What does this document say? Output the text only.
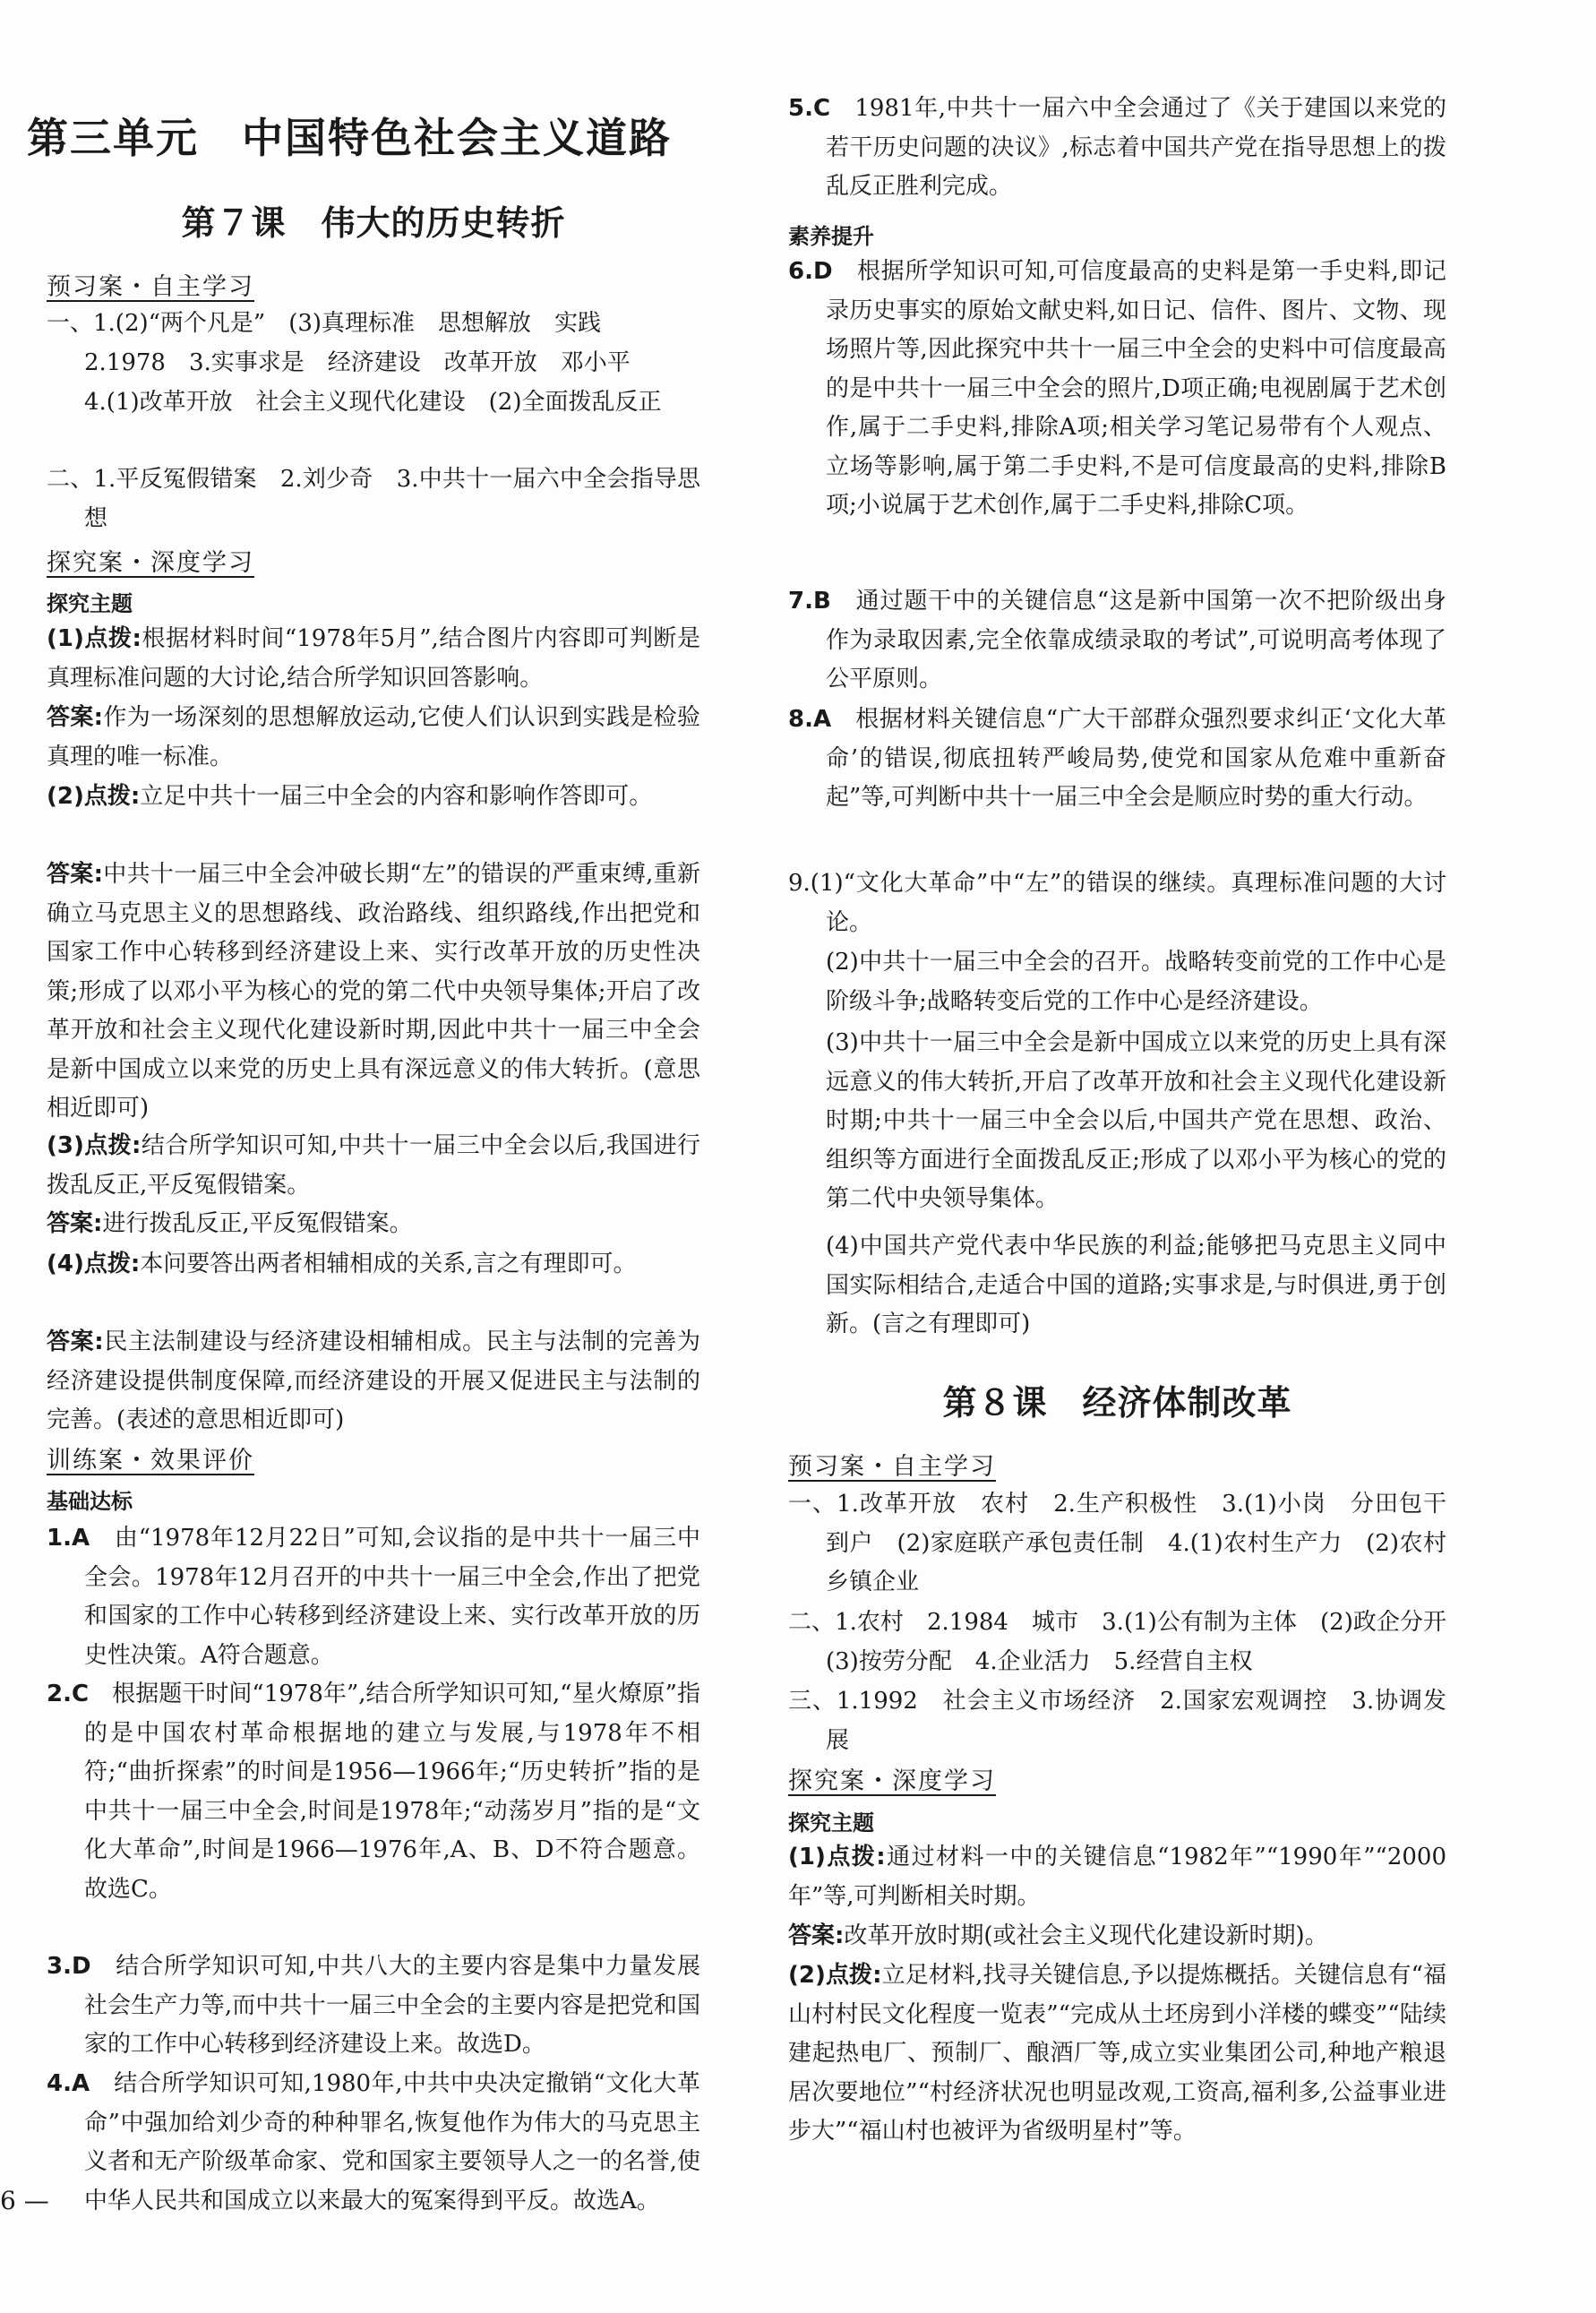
第三单元　中国特色社会主义道路
第７课　伟大的历史转折
预习案・自主学习
一、1.(2)“两个凡是”　(3)真理标准　思想解放　实践
2.1978　3.实事求是　经济建设　改革开放　邓小平
4.(1)改革开放　社会主义现代化建设　(2)全面拨乱反正
二、1.平反冤假错案　2.刘少奇　3.中共十一届六中全会指导思想
探究案・深度学习
探究主题
(1)点拨:根据材料时间“1978年5月”,结合图片内容即可判断是真理标准问题的大讨论,结合所学知识回答影响。
答案:作为一场深刻的思想解放运动,它使人们认识到实践是检验真理的唯一标准。
(2)点拨:立足中共十一届三中全会的内容和影响作答即可。
答案:中共十一届三中全会冲破长期“左”的错误的严重束缚,重新确立马克思主义的思想路线、政治路线、组织路线,作出把党和国家工作中心转移到经济建设上来、实行改革开放的历史性决策;形成了以邓小平为核心的党的第二代中央领导集体;开启了改革开放和社会主义现代化建设新时期,因此中共十一届三中全会是新中国成立以来党的历史上具有深远意义的伟大转折。(意思相近即可)
(3)点拨:结合所学知识可知,中共十一届三中全会以后,我国进行拨乱反正,平反冤假错案。
答案:进行拨乱反正,平反冤假错案。
(4)点拨:本问要答出两者相辅相成的关系,言之有理即可。
答案:民主法制建设与经济建设相辅相成。民主与法制的完善为经济建设提供制度保障,而经济建设的开展又促进民主与法制的完善。(表述的意思相近即可)
训练案・效果评价
基础达标
1.A　 由“1978年12月22日”可知,会议指的是中共十一届三中全会。1978年12月召开的中共十一届三中全会,作出了把党和国家的工作中心转移到经济建设上来、实行改革开放的历史性决策。A符合题意。
2.C　 根据题干时间“1978年”,结合所学知识可知,“星火燎原”指的是中国农村革命根据地的建立与发展,与1978年不相符;“曲折探索”的时间是1956—1966年;“历史转折”指的是中共十一届三中全会,时间是1978年;“动荡岁月”指的是“文化大革命”,时间是1966—1976年,A、B、D不符合题意。故选C。
3.D　 结合所学知识可知,中共八大的主要内容是集中力量发展社会生产力等,而中共十一届三中全会的主要内容是把党和国家的工作中心转移到经济建设上来。故选D。
4.A　 结合所学知识可知,1980年,中共中央决定撤销“文化大革命”中强加给刘少奇的种种罪名,恢复他作为伟大的马克思主义者和无产阶级革命家、党和国家主要领导人之一的名誉,使中华人民共和国成立以来最大的冤案得到平反。故选A。
6 —
5.C　 1981年,中共十一届六中全会通过了《关于建国以来党的若干历史问题的决议》,标志着中国共产党在指导思想上的拨乱反正胜利完成。
素养提升
6.D　 根据所学知识可知,可信度最高的史料是第一手史料,即记录历史事实的原始文献史料,如日记、信件、图片、文物、现场照片等,因此探究中共十一届三中全会的史料中可信度最高的是中共十一届三中全会的照片,D项正确;电视剧属于艺术创作,属于二手史料,排除A项;相关学习笔记易带有个人观点、立场等影响,属于第二手史料,不是可信度最高的史料,排除B项;小说属于艺术创作,属于二手史料,排除C项。
7.B　 通过题干中的关键信息“这是新中国第一次不把阶级出身作为录取因素,完全依靠成绩录取的考试”,可说明高考体现了公平原则。
8.A　 根据材料关键信息“广大干部群众强烈要求纠正‘文化大革命’的错误,彻底扭转严峻局势,使党和国家从危难中重新奋起”等,可判断中共十一届三中全会是顺应时势的重大行动。
9.(1)“文化大革命”中“左”的错误的继续。真理标准问题的大讨论。
(2)中共十一届三中全会的召开。战略转变前党的工作中心是阶级斗争;战略转变后党的工作中心是经济建设。
(3)中共十一届三中全会是新中国成立以来党的历史上具有深远意义的伟大转折,开启了改革开放和社会主义现代化建设新时期;中共十一届三中全会以后,中国共产党在思想、政治、组织等方面进行全面拨乱反正;形成了以邓小平为核心的党的第二代中央领导集体。
(4)中国共产党代表中华民族的利益;能够把马克思主义同中国实际相结合,走适合中国的道路;实事求是,与时俱进,勇于创新。(言之有理即可)
第８课　经济体制改革
预习案・自主学习
一、1.改革开放　农村　2.生产积极性　3.(1)小岗　分田包干到户　(2)家庭联产承包责任制　4.(1)农村生产力　(2)农村乡镇企业
二、1.农村　2.1984　城市　3.(1)公有制为主体　(2)政企分开　(3)按劳分配　4.企业活力　5.经营自主权
三、1.1992　社会主义市场经济　2.国家宏观调控　3.协调发展
探究案・深度学习
探究主题
(1)点拨:通过材料一中的关键信息“1982年”“1990年”“2000年”等,可判断相关时期。
答案:改革开放时期(或社会主义现代化建设新时期)。
(2)点拨:立足材料,找寻关键信息,予以提炼概括。关键信息有“福山村村民文化程度一览表”“完成从土坯房到小洋楼的蝶变”“陆续建起热电厂、预制厂、酿酒厂等,成立实业集团公司,种地产粮退居次要地位”“村经济状况也明显改观,工资高,福利多,公益事业进步大”“福山村也被评为省级明星村”等。
